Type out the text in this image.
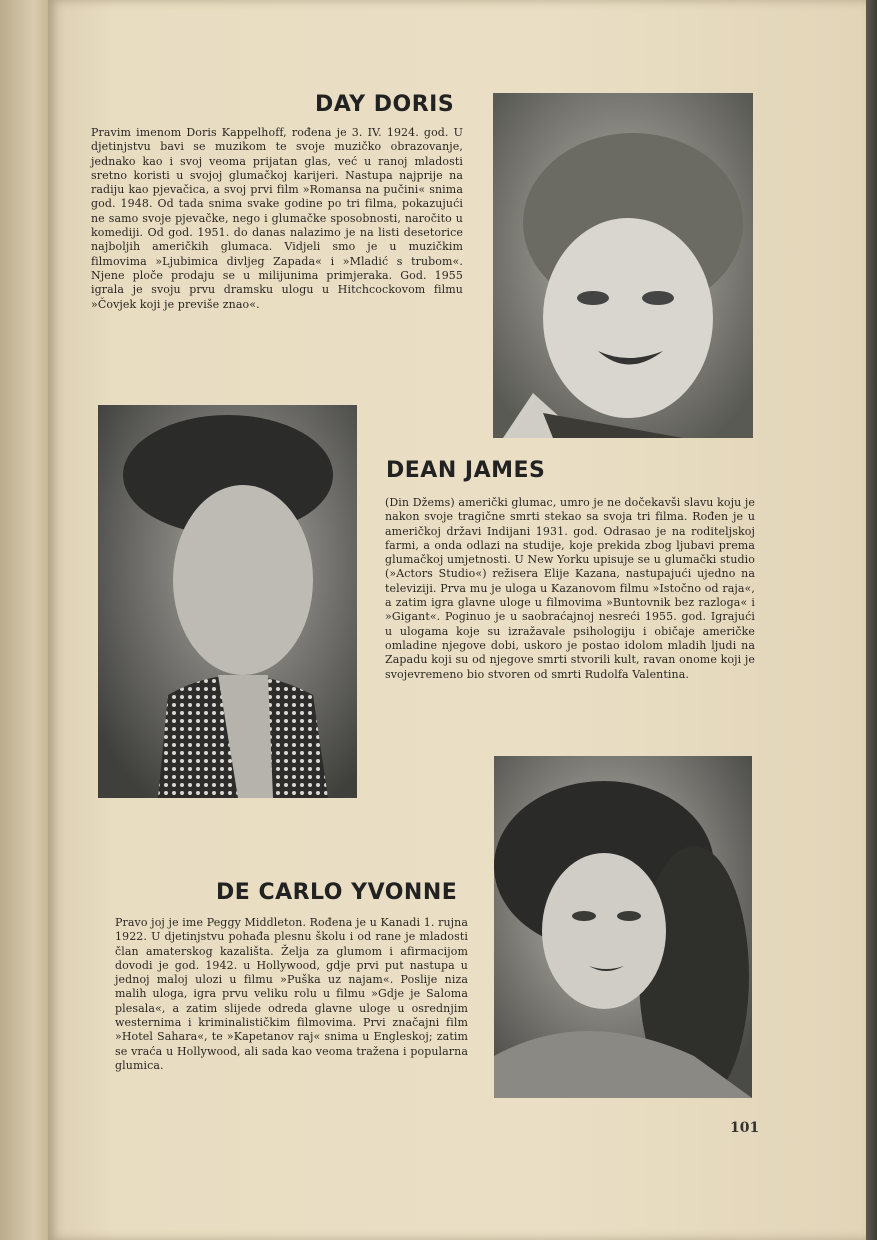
DAY DORIS

Pravim imenom Doris Kappelhoff, rođena je 3. IV. 1924. god. U djetinjstvu bavi se muzikom te svoje muzičko obrazovanje, jednako kao i svoj veoma prijatan glas, već u ranoj mladosti sretno koristi u svojoj glumačkoj karijeri. Nastupa najprije na radiju kao pjevačica, a svoj prvi film »Romansa na pučini« snima god. 1948. Od tada snima svake godine po tri filma, pokazujući ne samo svoje pjevačke, nego i glumačke sposobnosti, naročito u komediji. Od god. 1951. do danas nalazimo je na listi desetorice najboljih američkih glumaca. Vidjeli smo je u muzičkim filmovima »Ljubimica divljeg Zapada« i »Mladić s trubom«. Njene ploče prodaju se u milijunima primjeraka. God. 1955 igrala je svoju prvu dramsku ulogu u Hitchcockovom filmu »Čovjek koji je previše znao«.

DEAN JAMES

(Din Džems) američki glumac, umro je ne dočekavši slavu koju je nakon svoje tragične smrti stekao sa svoja tri filma. Rođen je u američkoj državi Indijani 1931. god. Odrasao je na roditeljskoj farmi, a onda odlazi na studije, koje prekida zbog ljubavi prema glumačkoj umjetnosti. U New Yorku upisuje se u glumački studio (»Actors Studio«) režisera Elije Kazana, nastupajući ujedno na televiziji. Prva mu je uloga u Kazanovom filmu »Istočno od raja«, a zatim igra glavne uloge u filmovima »Buntovnik bez razloga« i »Gigant«. Poginuo je u saobraćajnoj nesreći 1955. god. Igrajući u ulogama koje su izražavale psihologiju i običaje američke omladine njegove dobi, uskoro je postao idolom mladih ljudi na Zapadu koji su od njegove smrti stvorili kult, ravan onome koji je svojevremeno bio stvoren od smrti Rudolfa Valentina.

DE CARLO YVONNE

Pravo joj je ime Peggy Middleton. Rođena je u Kanadi 1. rujna 1922. U djetinjstvu pohađa plesnu školu i od rane je mladosti član amaterskog kazališta. Želja za glumom i afirmacijom dovodi je god. 1942. u Hollywood, gdje prvi put nastupa u jednoj maloj ulozi u filmu »Puška uz najam«. Poslije niza malih uloga, igra prvu veliku rolu u filmu »Gdje je Saloma plesala«, a zatim slijede odreda glavne uloge u osrednjim westernima i kriminalističkim filmovima. Prvi značajni film »Hotel Sahara«, te »Kapetanov raj« snima u Engleskoj; zatim se vraća u Hollywood, ali sada kao veoma tražena i popularna glumica.

101
